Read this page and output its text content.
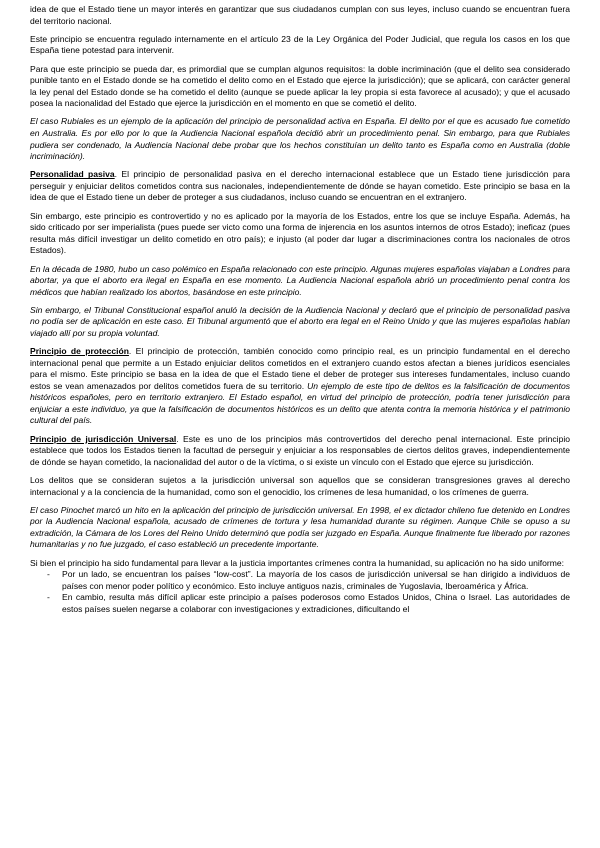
idea de que el Estado tiene un mayor interés en garantizar que sus ciudadanos cumplan con sus leyes, incluso cuando se encuentran fuera del territorio nacional.

Este principio se encuentra regulado internamente en el artículo 23 de la Ley Orgánica del Poder Judicial, que regula los casos en los que España tiene potestad para intervenir.

Para que este principio se pueda dar, es primordial que se cumplan algunos requisitos: la doble incriminación (que el delito sea considerado punible tanto en el Estado donde se ha cometido el delito como en el Estado que ejerce la jurisdicción); que se aplicará, con carácter general la ley penal del Estado donde se ha cometido el delito (aunque se puede aplicar la ley propia si esta favorece al acusado); y que el acusado posea la nacionalidad del Estado que ejerce la jurisdicción en el momento en que se cometió el delito.

El caso Rubiales es un ejemplo de la aplicación del principio de personalidad activa en España. El delito por el que es acusado fue cometido en Australia. Es por ello por lo que la Audiencia Nacional española decidió abrir un procedimiento penal. Sin embargo, para que Rubiales pudiera ser condenado, la Audiencia Nacional debe probar que los hechos constituían un delito tanto es España como en Australia (doble incriminación).

Personalidad pasiva. El principio de personalidad pasiva en el derecho internacional establece que un Estado tiene jurisdicción para perseguir y enjuiciar delitos cometidos contra sus nacionales, independientemente de dónde se hayan cometido. Este principio se basa en la idea de que el Estado tiene un deber de proteger a sus ciudadanos, incluso cuando se encuentran en el extranjero.

Sin embargo, este principio es controvertido y no es aplicado por la mayoría de los Estados, entre los que se incluye España. Además, ha sido criticado por ser imperialista (pues puede ser victo como una forma de injerencia en los asuntos internos de otros Estado); ineficaz (pues resulta más difícil investigar un delito cometido en otro país); e injusto (al poder dar lugar a discriminaciones contra los nacionales de otros Estados).

En la década de 1980, hubo un caso polémico en España relacionado con este principio. Algunas mujeres españolas viajaban a Londres para abortar, ya que el aborto era ilegal en España en ese momento. La Audiencia Nacional española abrió un procedimiento penal contra los médicos que habían realizado los abortos, basándose en este principio.

Sin embargo, el Tribunal Constitucional español anuló la decisión de la Audiencia Nacional y declaró que el principio de personalidad pasiva no podía ser de aplicación en este caso. El Tribunal argumentó que el aborto era legal en el Reino Unido y que las mujeres españolas habían viajado allí por su propia voluntad.

Principio de protección. El principio de protección, también conocido como principio real, es un principio fundamental en el derecho internacional penal que permite a un Estado enjuiciar delitos cometidos en el extranjero cuando estos afectan a bienes jurídicos esenciales para el mismo. Este principio se basa en la idea de que el Estado tiene el deber de proteger sus intereses fundamentales, incluso cuando estos se vean amenazados por delitos cometidos fuera de su territorio. Un ejemplo de este tipo de delitos es la falsificación de documentos históricos españoles, pero en territorio extranjero. El Estado español, en virtud del principio de protección, podría tener jurisdicción para enjuiciar a este individuo, ya que la falsificación de documentos históricos es un delito que atenta contra la memoria histórica y el patrimonio cultural del país.

Principio de jurisdicción Universal. Este es uno de los principios más controvertidos del derecho penal internacional. Este principio establece que todos los Estados tienen la facultad de perseguir y enjuiciar a los responsables de ciertos delitos graves, independientemente de dónde se hayan cometido, la nacionalidad del autor o de la víctima, o si existe un vínculo con el Estado que ejerce su jurisdicción.

Los delitos que se consideran sujetos a la jurisdicción universal son aquellos que se consideran transgresiones graves al derecho internacional y a la conciencia de la humanidad, como son el genocidio, los crímenes de lesa humanidad, o los crímenes de guerra.

El caso Pinochet marcó un hito en la aplicación del principio de jurisdicción universal. En 1998, el ex dictador chileno fue detenido en Londres por la Audiencia Nacional española, acusado de crímenes de tortura y lesa humanidad durante su régimen. Aunque Chile se opuso a su extradición, la Cámara de los Lores del Reino Unido determinó que podía ser juzgado en España. Aunque finalmente fue liberado por razones humanitarias y no fue juzgado, el caso estableció un precedente importante.

Si bien el principio ha sido fundamental para llevar a la justicia importantes crímenes contra la humanidad, su aplicación no ha sido uniforme:

- Por un lado, se encuentran los países “low-cost”. La mayoría de los casos de jurisdicción universal se han dirigido a individuos de países con menor poder político y económico. Esto incluye antiguos nazis, criminales de Yugoslavia, Iberoamérica y África.
- En cambio, resulta más difícil aplicar este principio a países poderosos como Estados Unidos, China o Israel. Las autoridades de estos países suelen negarse a colaborar con investigaciones y extradiciones, dificultando el
